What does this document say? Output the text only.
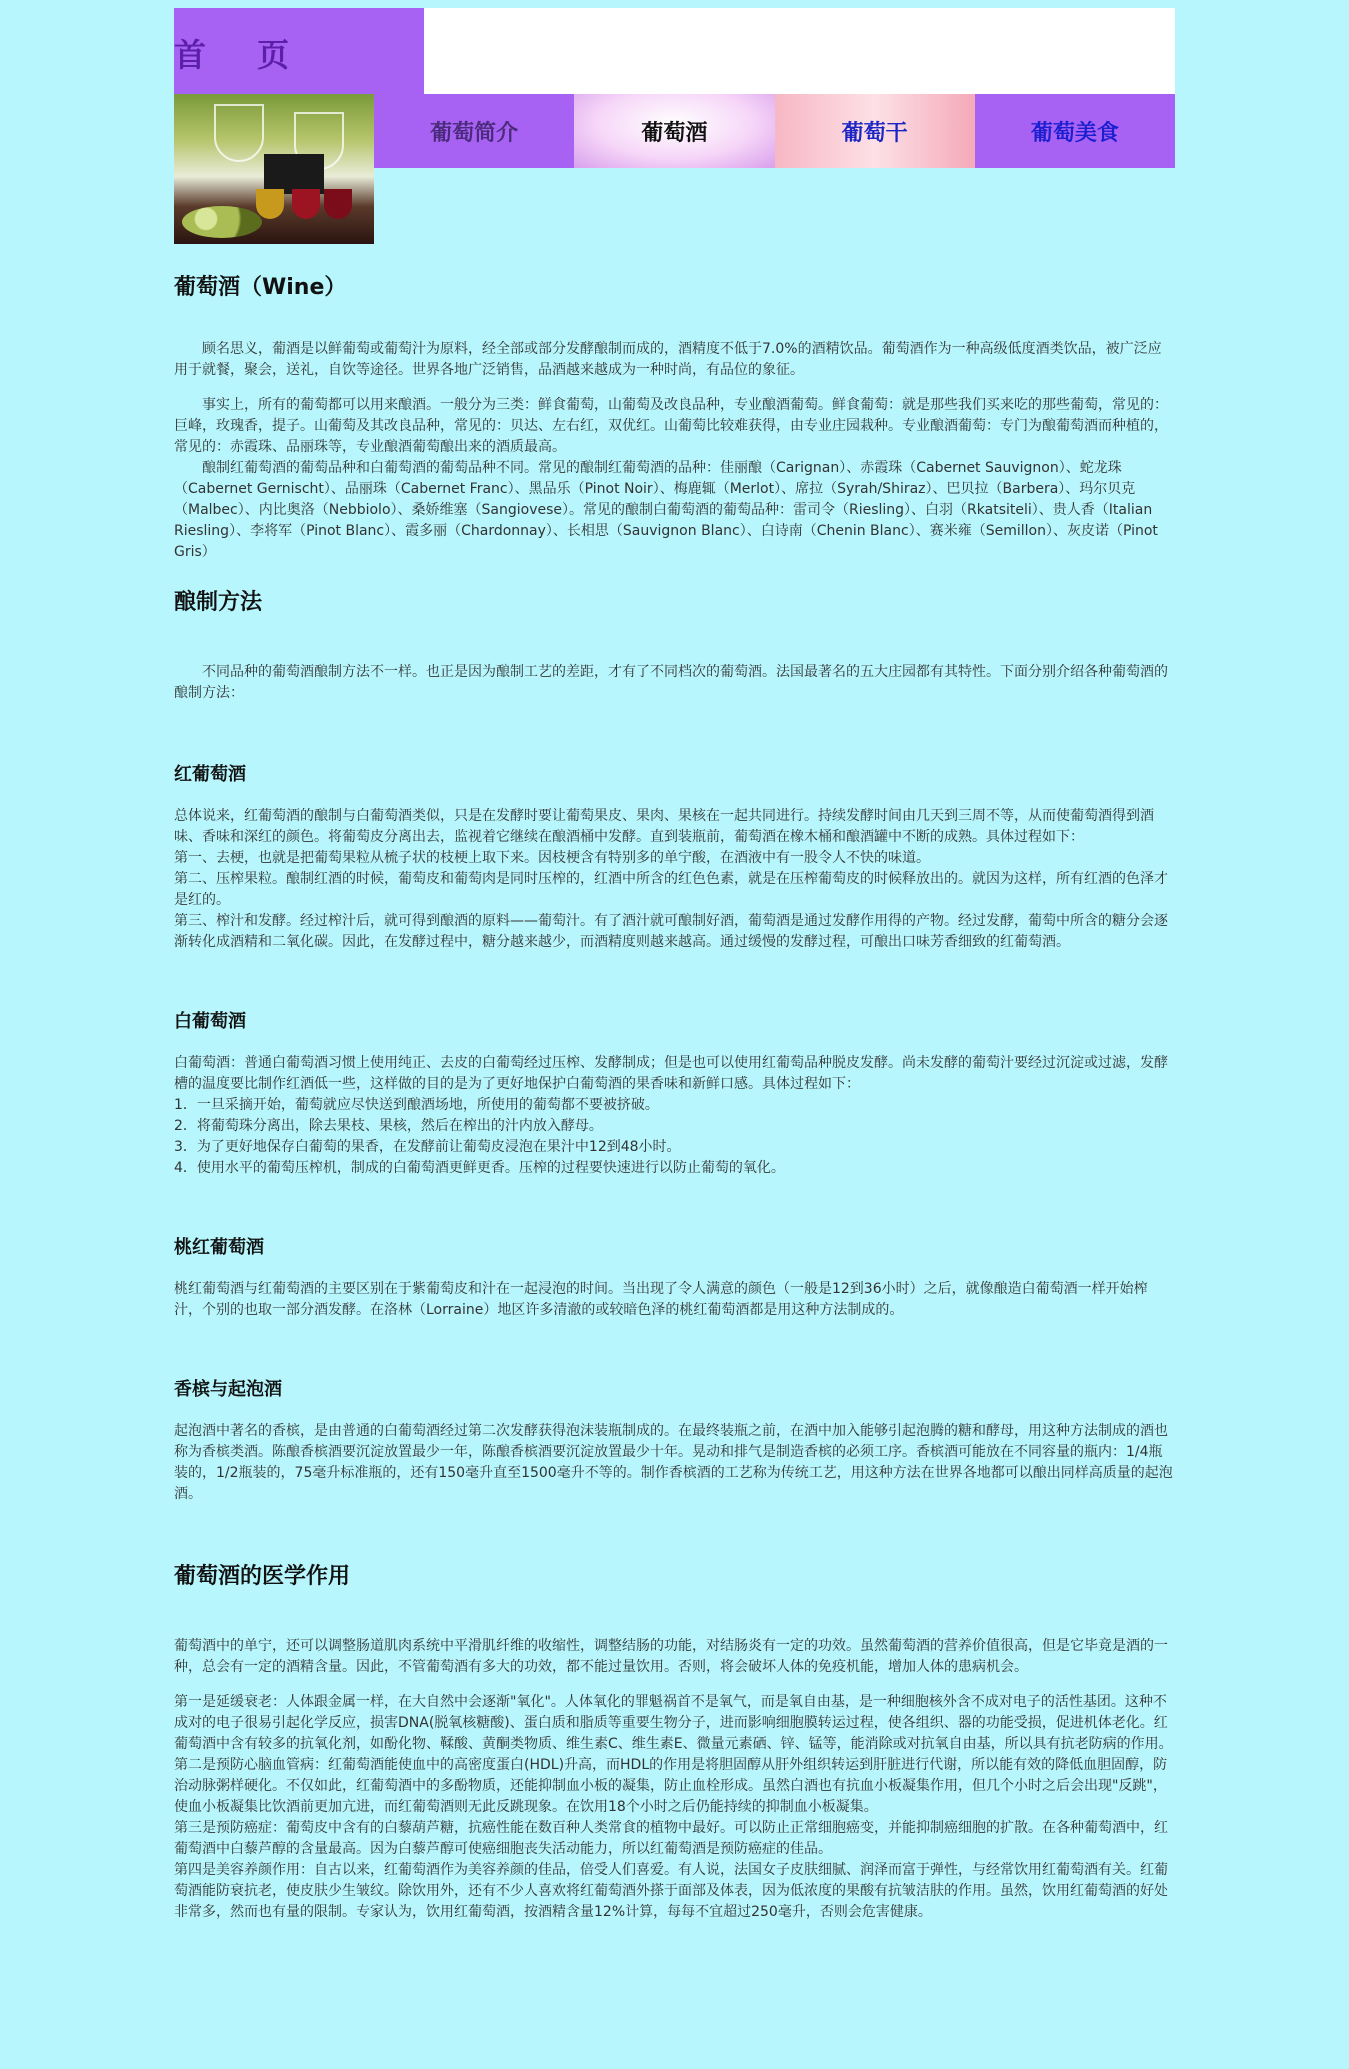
首 页
葡萄简介	葡萄酒	葡萄干	葡萄美食
葡萄酒（Wine）

顾名思义，葡酒是以鲜葡萄或葡萄汁为原料，经全部或部分发酵酿制而成的，酒精度不低于7.0%的酒精饮品。葡萄酒作为一种高级低度酒类饮品，被广泛应用于就餐，聚会，送礼，自饮等途径。世界各地广泛销售，品酒越来越成为一种时尚，有品位的象征。

事实上，所有的葡萄都可以用来酿酒。一般分为三类：鲜食葡萄，山葡萄及改良品种，专业酿酒葡萄。鲜食葡萄：就是那些我们买来吃的那些葡萄，常见的：巨峰，玫瑰香，提子。山葡萄及其改良品种，常见的：贝达、左右红，双优红。山葡萄比较难获得，由专业庄园栽种。专业酿酒葡萄：专门为酿葡萄酒而种植的，常见的：赤霞珠、品丽珠等，专业酿酒葡萄酿出来的酒质最高。

酿制红葡萄酒的葡萄品种和白葡萄酒的葡萄品种不同。常见的酿制红葡萄酒的品种：佳丽酿（Carignan）、赤霞珠（Cabernet Sauvignon）、蛇龙珠（Cabernet Gernischt）、品丽珠（Cabernet Franc）、黑品乐（Pinot Noir）、梅鹿辄（Merlot）、席拉（Syrah/Shiraz）、巴贝拉（Barbera）、玛尔贝克（Malbec）、内比奥洛（Nebbiolo）、桑娇维塞（Sangiovese）。常见的酿制白葡萄酒的葡萄品种：雷司令（Riesling）、白羽（Rkatsiteli）、贵人香（Italian Riesling）、李将军（Pinot Blanc）、霞多丽（Chardonnay）、长相思（Sauvignon Blanc）、白诗南（Chenin Blanc）、赛米雍（Semillon）、灰皮诺（Pinot Gris）

酿制方法

不同品种的葡萄酒酿制方法不一样。也正是因为酿制工艺的差距，才有了不同档次的葡萄酒。法国最著名的五大庄园都有其特性。下面分别介绍各种葡萄酒的酿制方法：

红葡萄酒

总体说来，红葡萄酒的酿制与白葡萄酒类似，只是在发酵时要让葡萄果皮、果肉、果核在一起共同进行。持续发酵时间由几天到三周不等，从而使葡萄酒得到酒味、香味和深红的颜色。将葡萄皮分离出去，监视着它继续在酿酒桶中发酵。直到装瓶前，葡萄酒在橡木桶和酿酒罐中不断的成熟。具体过程如下：

第一、去梗，也就是把葡萄果粒从梳子状的枝梗上取下来。因枝梗含有特别多的单宁酸，在酒液中有一股令人不快的味道。

第二、压榨果粒。酿制红酒的时候，葡萄皮和葡萄肉是同时压榨的，红酒中所含的红色色素，就是在压榨葡萄皮的时候释放出的。就因为这样，所有红酒的色泽才是红的。

第三、榨汁和发酵。经过榨汁后，就可得到酿酒的原料——葡萄汁。有了酒汁就可酿制好酒，葡萄酒是通过发酵作用得的产物。经过发酵，葡萄中所含的糖分会逐渐转化成酒精和二氧化碳。因此，在发酵过程中，糖分越来越少，而酒精度则越来越高。通过缓慢的发酵过程，可酿出口味芳香细致的红葡萄酒。

白葡萄酒

白葡萄酒：普通白葡萄酒习惯上使用纯正、去皮的白葡萄经过压榨、发酵制成；但是也可以使用红葡萄品种脱皮发酵。尚未发酵的葡萄汁要经过沉淀或过滤，发酵槽的温度要比制作红酒低一些，这样做的目的是为了更好地保护白葡萄酒的果香味和新鲜口感。具体过程如下：

1．一旦采摘开始，葡萄就应尽快送到酿酒场地，所使用的葡萄都不要被挤破。

2．将葡萄珠分离出，除去果枝、果核，然后在榨出的汁内放入酵母。

3．为了更好地保存白葡萄的果香，在发酵前让葡萄皮浸泡在果汁中12到48小时。

4．使用水平的葡萄压榨机，制成的白葡萄酒更鲜更香。压榨的过程要快速进行以防止葡萄的氧化。

桃红葡萄酒

桃红葡萄酒与红葡萄酒的主要区别在于紫葡萄皮和汁在一起浸泡的时间。当出现了令人满意的颜色（一般是12到36小时）之后，就像酿造白葡萄酒一样开始榨汁，个别的也取一部分酒发酵。在洛林（Lorraine）地区许多清澈的或较暗色泽的桃红葡萄酒都是用这种方法制成的。

香槟与起泡酒

起泡酒中著名的香槟，是由普通的白葡萄酒经过第二次发酵获得泡沫装瓶制成的。在最终装瓶之前，在酒中加入能够引起泡腾的糖和酵母，用这种方法制成的酒也称为香槟类酒。陈酿香槟酒要沉淀放置最少一年，陈酿香槟酒要沉淀放置最少十年。晃动和排气是制造香槟的必须工序。香槟酒可能放在不同容量的瓶内：1/4瓶装的，1/2瓶装的，75毫升标准瓶的，还有150毫升直至1500毫升不等的。制作香槟酒的工艺称为传统工艺，用这种方法在世界各地都可以酿出同样高质量的起泡酒。

葡萄酒的医学作用

葡萄酒中的单宁，还可以调整肠道肌肉系统中平滑肌纤维的收缩性，调整结肠的功能，对结肠炎有一定的功效。虽然葡萄酒的营养价值很高，但是它毕竟是酒的一种，总会有一定的酒精含量。因此，不管葡萄酒有多大的功效，都不能过量饮用。否则，将会破坏人体的免疫机能，增加人体的患病机会。

第一是延缓衰老：人体跟金属一样，在大自然中会逐渐"氧化"。人体氧化的罪魁祸首不是氧气，而是氧自由基，是一种细胞核外含不成对电子的活性基团。这种不成对的电子很易引起化学反应，损害DNA(脱氧核糖酸)、蛋白质和脂质等重要生物分子，进而影响细胞膜转运过程，使各组织、器的功能受损，促进机体老化。红葡萄酒中含有较多的抗氧化剂，如酚化物、鞣酸、黄酮类物质、维生素C、维生素E、微量元素硒、锌、锰等，能消除或对抗氧自由基，所以具有抗老防病的作用。

第二是预防心脑血管病：红葡萄酒能使血中的高密度蛋白(HDL)升高，而HDL的作用是将胆固醇从肝外组织转运到肝脏进行代谢，所以能有效的降低血胆固醇，防治动脉粥样硬化。不仅如此，红葡萄酒中的多酚物质，还能抑制血小板的凝集，防止血栓形成。虽然白酒也有抗血小板凝集作用，但几个小时之后会出现"反跳"，使血小板凝集比饮酒前更加亢进，而红葡萄酒则无此反跳现象。在饮用18个小时之后仍能持续的抑制血小板凝集。

第三是预防癌症：葡萄皮中含有的白藜葫芦糖，抗癌性能在数百种人类常食的植物中最好。可以防止正常细胞癌变，并能抑制癌细胞的扩散。在各种葡萄酒中，红葡萄酒中白藜芦醇的含量最高。因为白藜芦醇可使癌细胞丧失活动能力，所以红葡萄酒是预防癌症的佳品。

第四是美容养颜作用：自古以来，红葡萄酒作为美容养颜的佳品，倍受人们喜爱。有人说，法国女子皮肤细腻、润泽而富于弹性，与经常饮用红葡萄酒有关。红葡萄酒能防衰抗老，使皮肤少生皱纹。除饮用外，还有不少人喜欢将红葡萄酒外搽于面部及体表，因为低浓度的果酸有抗皱洁肤的作用。虽然，饮用红葡萄酒的好处非常多，然而也有量的限制。专家认为，饮用红葡萄酒，按酒精含量12%计算，每每不宜超过250毫升，否则会危害健康。
